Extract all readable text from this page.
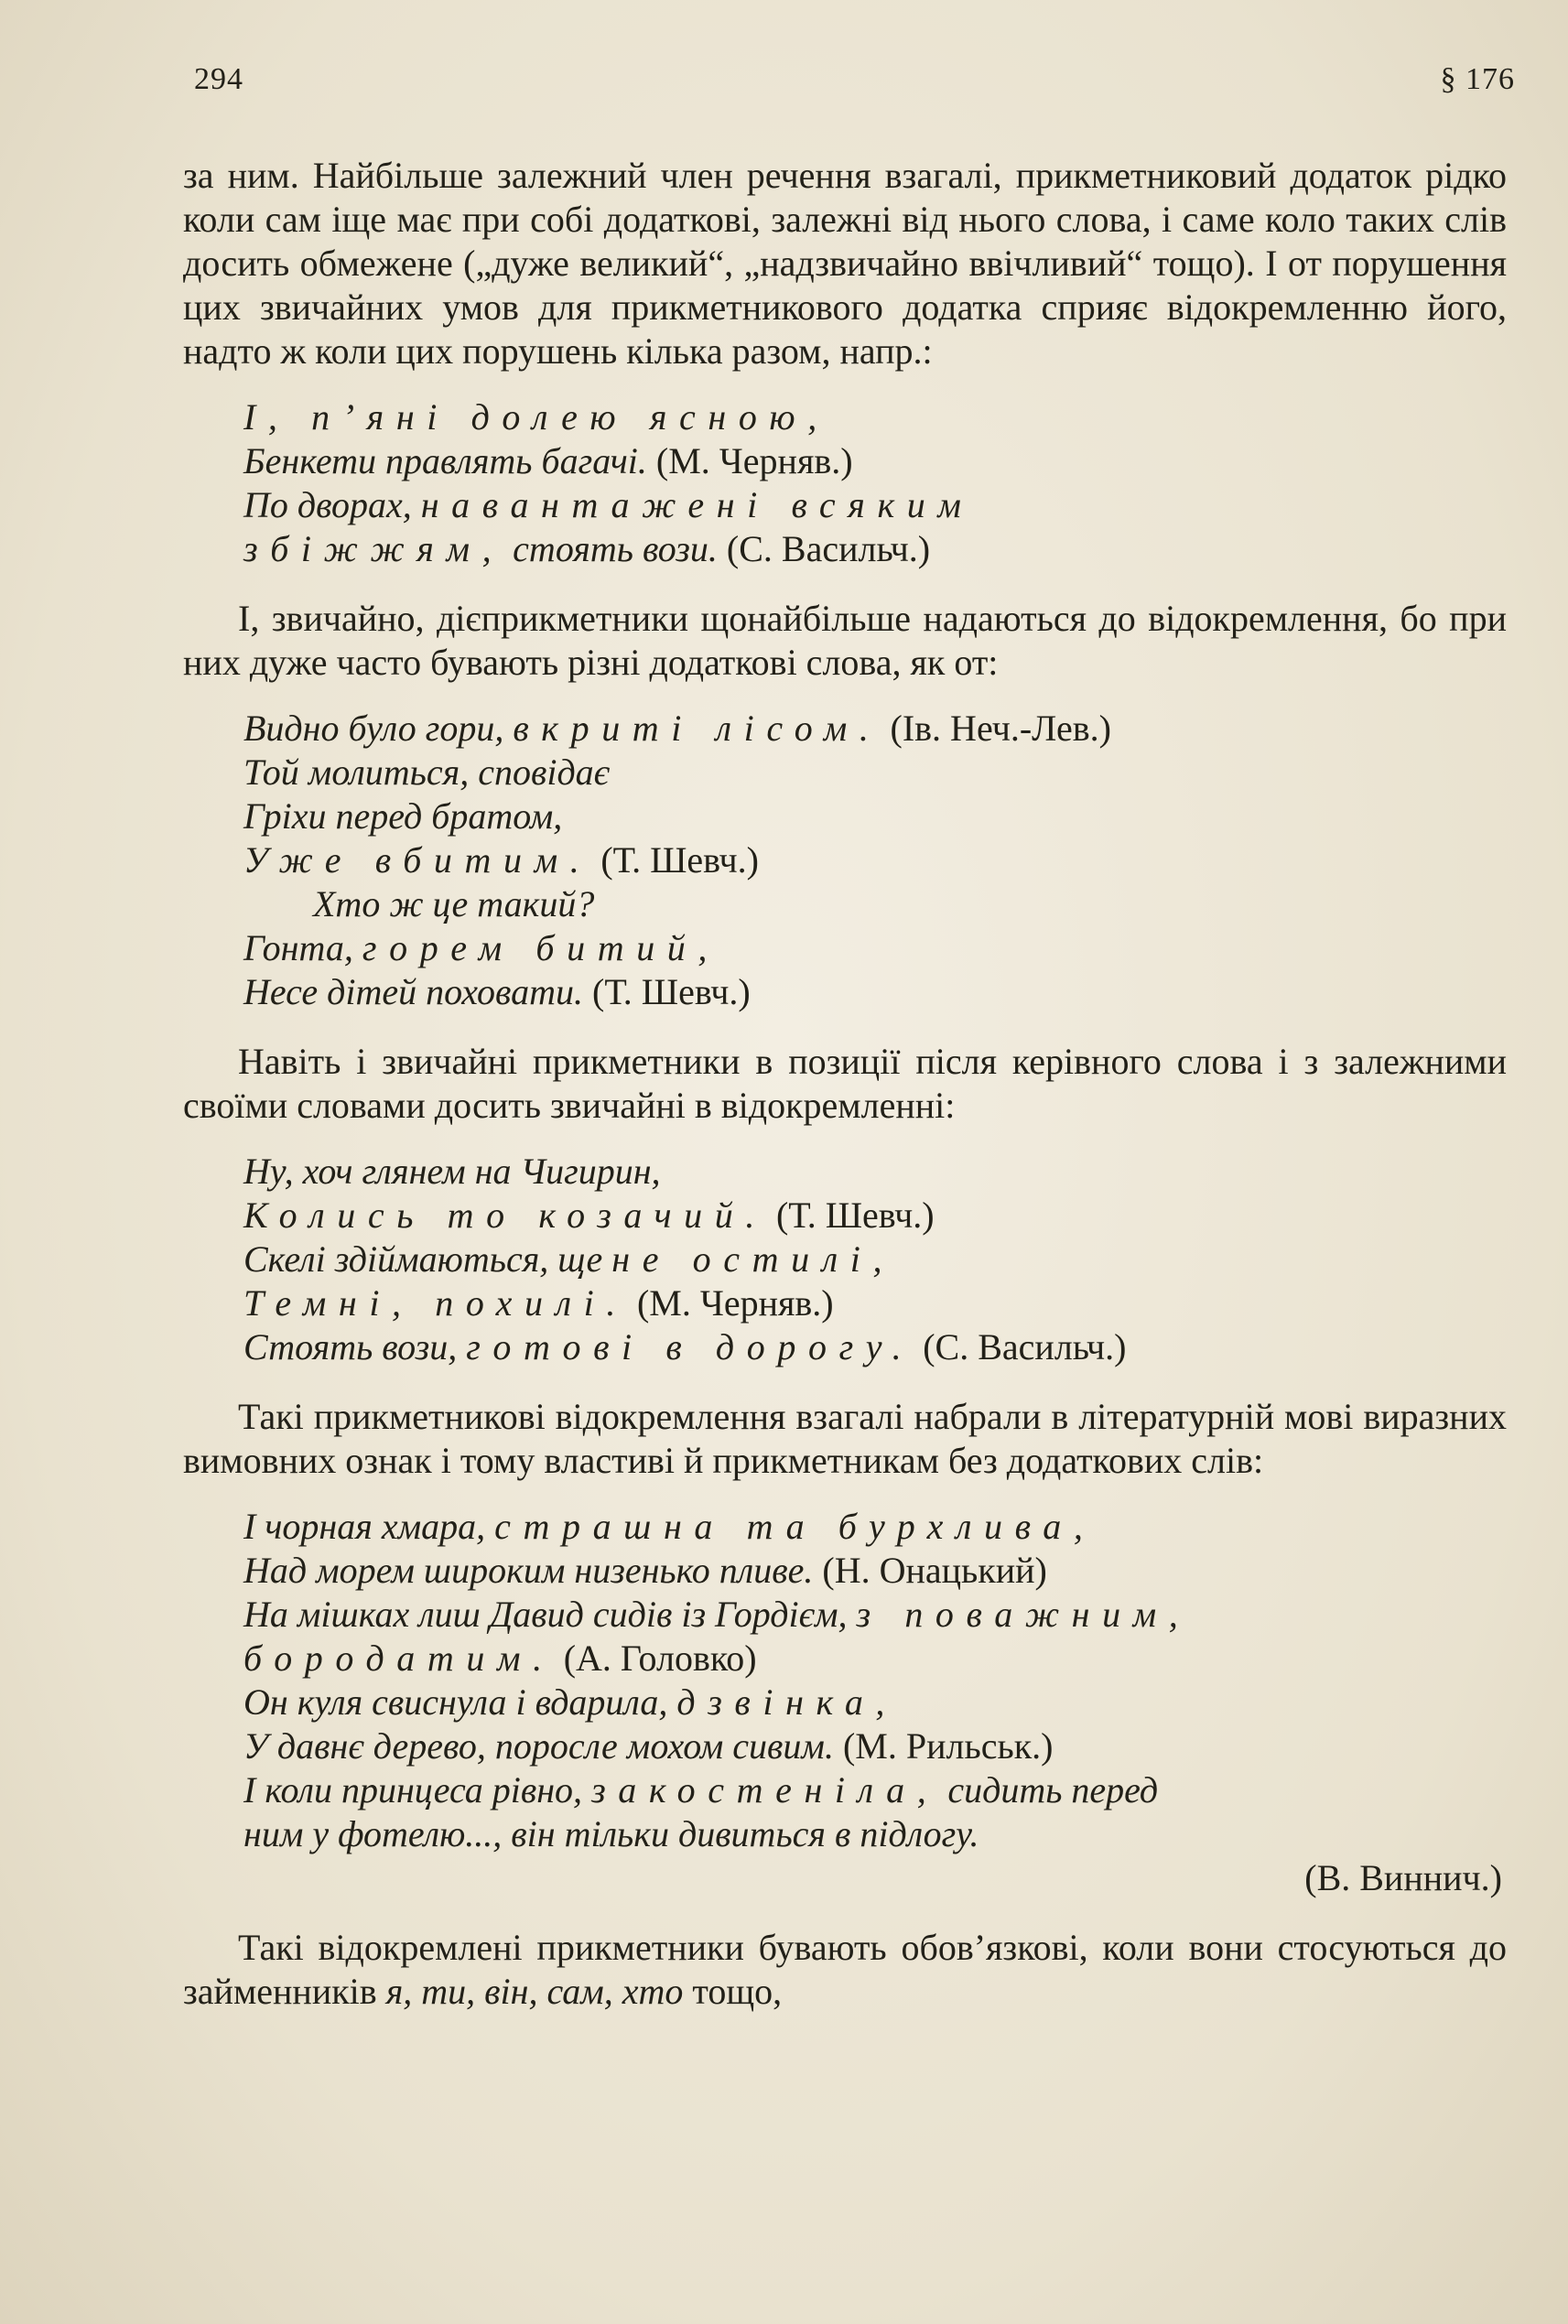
294	§ 176

за ним. Найбільше залежний член речення взагалі, прикметниковий додаток рідко коли сам іще має при собі додаткові, залежні від нього слова, і саме коло таких слів досить обмежене („дуже великий“, „надзвичайно ввічливий“ тощо). І от порушення цих звичайних умов для прикметникового додатка сприяє відокремленню його, надто ж коли цих порушень кілька разом, напр.:

І, п’яні долею ясною,
Бенкети правлять багачі. (М. Черняв.)
По дворах, навантажені всяким
збіжжям, стоять вози. (С. Васильч.)

І, звичайно, дієприкметники щонайбільше надаються до відокремлення, бо при них дуже часто бувають різні додаткові слова, як от:

Видно було гори, вкриті лісом. (Ів. Неч.-Лев.)
Той молиться, сповідає
Гріхи перед братом,
Уже вбитим. (Т. Шевч.)
Хто ж це такий?
Гонта, горем битий,
Несе дітей поховати. (Т. Шевч.)

Навіть і звичайні прикметники в позиції після керівного слова і з залежними своїми словами досить звичайні в відокремленні:

Ну, хоч глянем на Чигирин,
Колись то козачий. (Т. Шевч.)
Скелі здіймаються, ще не остилі,
Темні, похилі. (М. Черняв.)
Стоять вози, готові в дорогу. (С. Васильч.)

Такі прикметникові відокремлення взагалі набрали в літературній мові виразних вимовних ознак і тому властиві й прикметникам без додаткових слів:

І чорная хмара, страшна та бурхлива,
Над морем широким низенько пливе. (Н. Онацький)
На мішках лиш Давид сидів із Гордієм, з поважним,
бородатим. (А. Головко)
Он куля свиснула і вдарила, дзвінка,
У давнє дерево, поросле мохом сивим. (М. Рильськ.)
І коли принцеса рівно, закостеніла, сидить перед
ним у фотелю..., він тільки дивиться в підлогу.
(В. Виннич.)

Такі відокремлені прикметники бувають обов’язкові, коли вони стосуються до займенників я, ти, він, сам, хто тощо,
